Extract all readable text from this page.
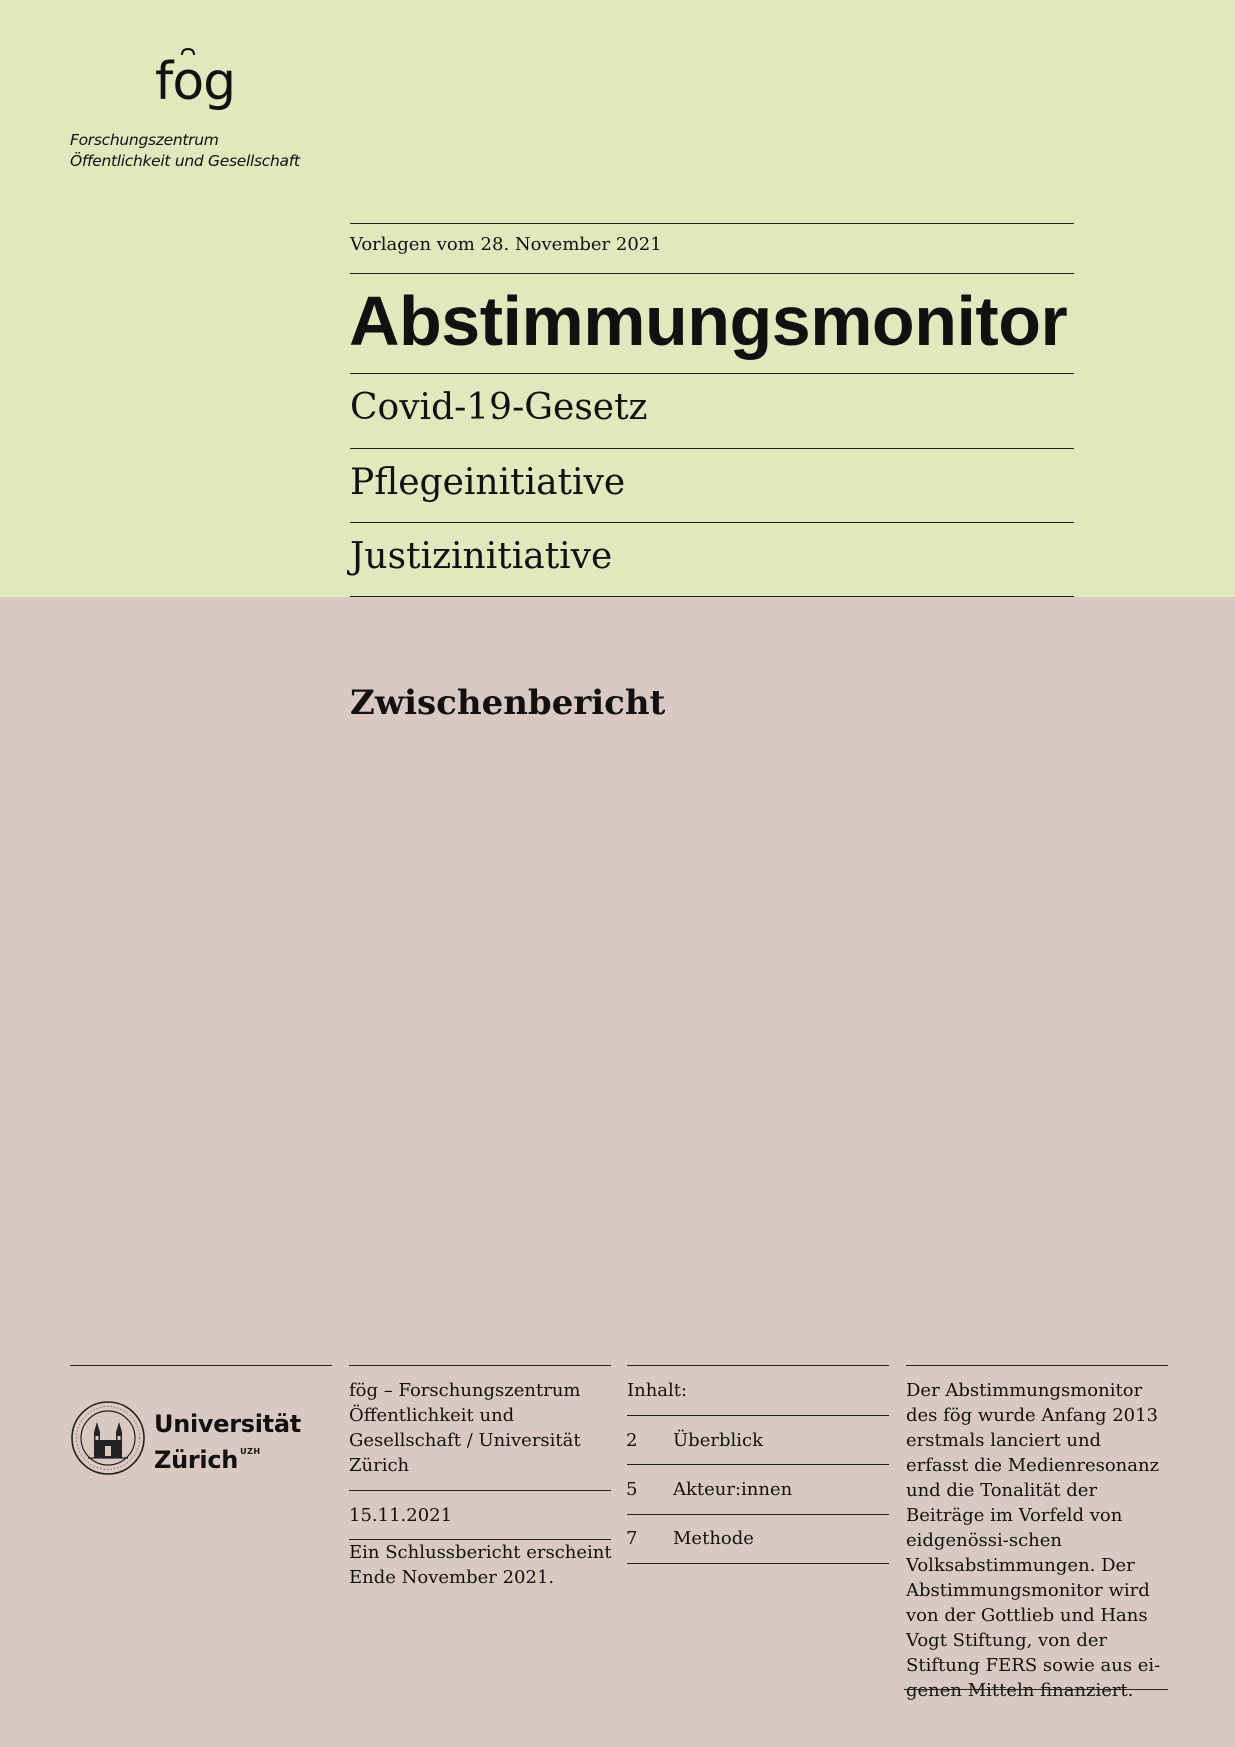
fo
g
Forschungszentrum
Öffentlichkeit und Gesellschaft
Vorlagen vom 28. November 2021
Abstimmungsmonitor
Covid-19-Gesetz
Pflegeinitiative
Justizinitiative
Zwischenbericht
Universität
Zürich $^{UZH}$
fög – Forschungszentrum Öffentlichkeit und Gesellschaft / Universität Zürich
15.11.2021
Ein Schlussbericht erscheint Ende November 2021.
Inhalt:
2 Überblick
5 Akteur:innen
7 Methode
Der Abstimmungsmonitor des fög wurde Anfang 2013 erstmals lanciert und erfasst die Medienresonanz und die Tonalität der Beiträge im Vorfeld von eidgenössi-schen Volksabstimmungen. Der Abstimmungsmonitor wird von der Gottlieb und Hans Vogt Stiftung, von der Stiftung FERS sowie aus ei-genen Mitteln finanziert.
